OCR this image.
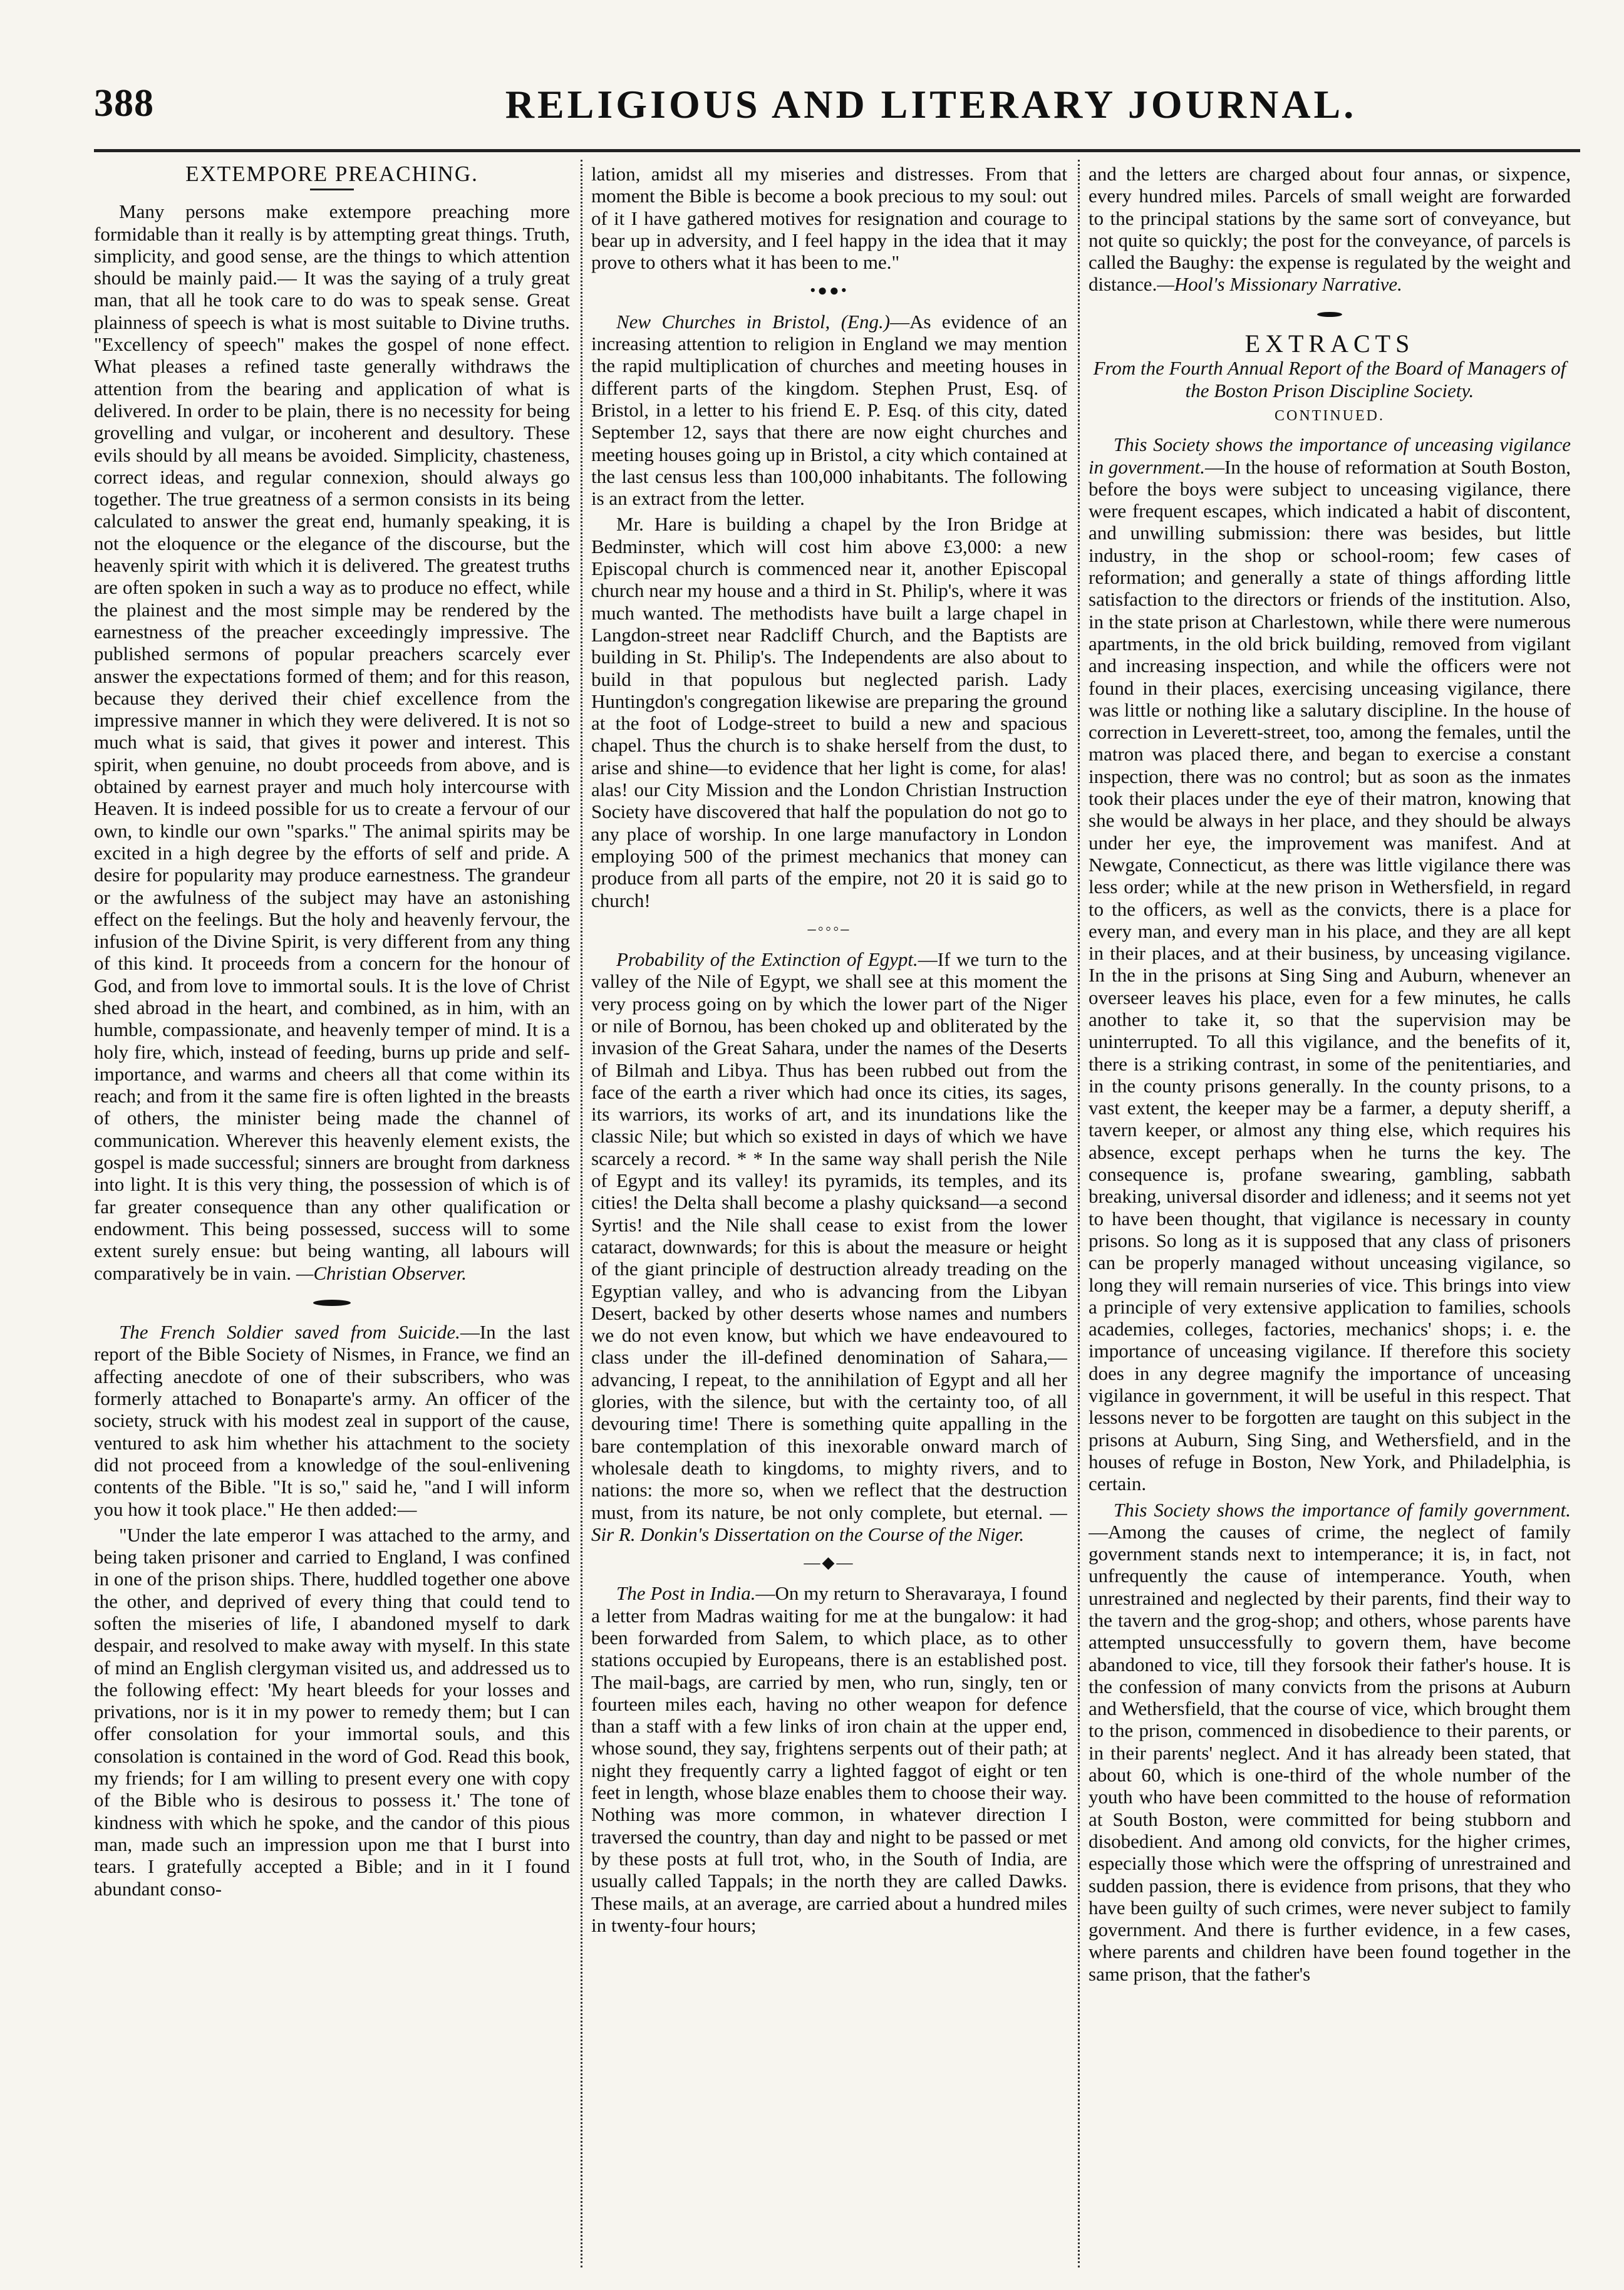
388	RELIGIOUS AND LITERARY JOURNAL.
EXTEMPORE PREACHING.

Many persons make extempore preaching more formidable than it really is by attempting great things. Truth, simplicity, and good sense, are the things to which attention should be mainly paid.— It was the saying of a truly great man, that all he took care to do was to speak sense. Great plainness of speech is what is most suitable to Divine truths. "Excellency of speech" makes the gospel of none effect. What pleases a refined taste generally withdraws the attention from the bearing and application of what is delivered. In order to be plain, there is no necessity for being grovelling and vulgar, or incoherent and desultory. These evils should by all means be avoided. Simplicity, chasteness, correct ideas, and regular connexion, should always go together. The true greatness of a sermon consists in its being calculated to answer the great end, humanly speaking, it is not the eloquence or the elegance of the discourse, but the heavenly spirit with which it is delivered. The greatest truths are often spoken in such a way as to produce no effect, while the plainest and the most simple may be rendered by the earnestness of the preacher exceedingly impressive. The published sermons of popular preachers scarcely ever answer the expectations formed of them; and for this reason, because they derived their chief excellence from the impressive manner in which they were delivered. It is not so much what is said, that gives it power and interest. This spirit, when genuine, no doubt proceeds from above, and is obtained by earnest prayer and much holy intercourse with Heaven. It is indeed possible for us to create a fervour of our own, to kindle our own "sparks." The animal spirits may be excited in a high degree by the efforts of self and pride. A desire for popularity may produce earnestness. The grandeur or the awfulness of the subject may have an astonishing effect on the feelings. But the holy and heavenly fervour, the infusion of the Divine Spirit, is very different from any thing of this kind. It proceeds from a concern for the honour of God, and from love to immortal souls. It is the love of Christ shed abroad in the heart, and combined, as in him, with an humble, compassionate, and heavenly temper of mind. It is a holy fire, which, instead of feeding, burns up pride and self-importance, and warms and cheers all that come within its reach; and from it the same fire is often lighted in the breasts of others, the minister being made the channel of communication. Wherever this heavenly element exists, the gospel is made successful; sinners are brought from darkness into light. It is this very thing, the possession of which is of far greater consequence than any other qualification or endowment. This being possessed, success will to some extent surely ensue: but being wanting, all labours will comparatively be in vain. —Christian Observer.

The French Soldier saved from Suicide.—In the last report of the Bible Society of Nismes, in France, we find an affecting anecdote of one of their subscribers, who was formerly attached to Bonaparte's army. An officer of the society, struck with his modest zeal in support of the cause, ventured to ask him whether his attachment to the society did not proceed from a knowledge of the soul-enlivening contents of the Bible. "It is so," said he, "and I will inform you how it took place." He then added:—

"Under the late emperor I was attached to the army, and being taken prisoner and carried to England, I was confined in one of the prison ships. There, huddled together one above the other, and deprived of every thing that could tend to soften the miseries of life, I abandoned myself to dark despair, and resolved to make away with myself. In this state of mind an English clergyman visited us, and addressed us to the following effect: 'My heart bleeds for your losses and privations, nor is it in my power to remedy them; but I can offer consolation for your immortal souls, and this consolation is contained in the word of God. Read this book, my friends; for I am willing to present every one with copy of the Bible who is desirous to possess it.' The tone of kindness with which he spoke, and the candor of this pious man, made such an impression upon me that I burst into tears. I gratefully accepted a Bible; and in it I found abundant conso-

lation, amidst all my miseries and distresses. From that moment the Bible is become a book precious to my soul: out of it I have gathered motives for resignation and courage to bear up in adversity, and I feel happy in the idea that it may prove to others what it has been to me."

•●●•

New Churches in Bristol, (Eng.)—As evidence of an increasing attention to religion in England we may mention the rapid multiplication of churches and meeting houses in different parts of the kingdom. Stephen Prust, Esq. of Bristol, in a letter to his friend E. P. Esq. of this city, dated September 12, says that there are now eight churches and meeting houses going up in Bristol, a city which contained at the last census less than 100,000 inhabitants. The following is an extract from the letter.

Mr. Hare is building a chapel by the Iron Bridge at Bedminster, which will cost him above £3,000: a new Episcopal church is commenced near it, another Episcopal church near my house and a third in St. Philip's, where it was much wanted. The methodists have built a large chapel in Langdon-street near Radcliff Church, and the Baptists are building in St. Philip's. The Independents are also about to build in that populous but neglected parish. Lady Huntingdon's congregation likewise are preparing the ground at the foot of Lodge-street to build a new and spacious chapel. Thus the church is to shake herself from the dust, to arise and shine—to evidence that her light is come, for alas! alas! our City Mission and the London Christian Instruction Society have discovered that half the population do not go to any place of worship. In one large manufactory in London employing 500 of the primest mechanics that money can produce from all parts of the empire, not 20 it is said go to church!

–◦◦◦–

Probability of the Extinction of Egypt.—If we turn to the valley of the Nile of Egypt, we shall see at this moment the very process going on by which the lower part of the Niger or nile of Bornou, has been choked up and obliterated by the invasion of the Great Sahara, under the names of the Deserts of Bilmah and Libya. Thus has been rubbed out from the face of the earth a river which had once its cities, its sages, its warriors, its works of art, and its inundations like the classic Nile; but which so existed in days of which we have scarcely a record. * * In the same way shall perish the Nile of Egypt and its valley! its pyramids, its temples, and its cities! the Delta shall become a plashy quicksand—a second Syrtis! and the Nile shall cease to exist from the lower cataract, downwards; for this is about the measure or height of the giant principle of destruction already treading on the Egyptian valley, and who is advancing from the Libyan Desert, backed by other deserts whose names and numbers we do not even know, but which we have endeavoured to class under the ill-defined denomination of Sahara,—advancing, I repeat, to the annihilation of Egypt and all her glories, with the silence, but with the certainty too, of all devouring time! There is something quite appalling in the bare contemplation of this inexorable onward march of wholesale death to kingdoms, to mighty rivers, and to nations: the more so, when we reflect that the destruction must, from its nature, be not only complete, but eternal. —Sir R. Donkin's Dissertation on the Course of the Niger.

—◆—

The Post in India.—On my return to Sheravaraya, I found a letter from Madras waiting for me at the bungalow: it had been forwarded from Salem, to which place, as to other stations occupied by Europeans, there is an established post. The mail-bags, are carried by men, who run, singly, ten or fourteen miles each, having no other weapon for defence than a staff with a few links of iron chain at the upper end, whose sound, they say, frightens serpents out of their path; at night they frequently carry a lighted faggot of eight or ten feet in length, whose blaze enables them to choose their way. Nothing was more common, in whatever direction I traversed the country, than day and night to be passed or met by these posts at full trot, who, in the South of India, are usually called Tappals; in the north they are called Dawks. These mails, at an average, are carried about a hundred miles in twenty-four hours;

and the letters are charged about four annas, or sixpence, every hundred miles. Parcels of small weight are forwarded to the principal stations by the same sort of conveyance, but not quite so quickly; the post for the conveyance, of parcels is called the Baughy: the expense is regulated by the weight and distance.—Hool's Missionary Narrative.

EXTRACTS
From the Fourth Annual Report of the Board of Managers of the Boston Prison Discipline Society.
CONTINUED.

This Society shows the importance of unceasing vigilance in government.—In the house of reformation at South Boston, before the boys were subject to unceasing vigilance, there were frequent escapes, which indicated a habit of discontent, and unwilling submission: there was besides, but little industry, in the shop or school-room; few cases of reformation; and generally a state of things affording little satisfaction to the directors or friends of the institution. Also, in the state prison at Charlestown, while there were numerous apartments, in the old brick building, removed from vigilant and increasing inspection, and while the officers were not found in their places, exercising unceasing vigilance, there was little or nothing like a salutary discipline. In the house of correction in Leverett-street, too, among the females, until the matron was placed there, and began to exercise a constant inspection, there was no control; but as soon as the inmates took their places under the eye of their matron, knowing that she would be always in her place, and they should be always under her eye, the improvement was manifest. And at Newgate, Connecticut, as there was little vigilance there was less order; while at the new prison in Wethersfield, in regard to the officers, as well as the convicts, there is a place for every man, and every man in his place, and they are all kept in their places, and at their business, by unceasing vigilance. In the in the prisons at Sing Sing and Auburn, whenever an overseer leaves his place, even for a few minutes, he calls another to take it, so that the supervision may be uninterrupted. To all this vigilance, and the benefits of it, there is a striking contrast, in some of the penitentiaries, and in the county prisons generally. In the county prisons, to a vast extent, the keeper may be a farmer, a deputy sheriff, a tavern keeper, or almost any thing else, which requires his absence, except perhaps when he turns the key. The consequence is, profane swearing, gambling, sabbath breaking, universal disorder and idleness; and it seems not yet to have been thought, that vigilance is necessary in county prisons. So long as it is supposed that any class of prisoners can be properly managed without unceasing vigilance, so long they will remain nurseries of vice. This brings into view a principle of very extensive application to families, schools academies, colleges, factories, mechanics' shops; i. e. the importance of unceasing vigilance. If therefore this society does in any degree magnify the importance of unceasing vigilance in government, it will be useful in this respect. That lessons never to be forgotten are taught on this subject in the prisons at Auburn, Sing Sing, and Wethersfield, and in the houses of refuge in Boston, New York, and Philadelphia, is certain.

This Society shows the importance of family government.—Among the causes of crime, the neglect of family government stands next to intemperance; it is, in fact, not unfrequently the cause of intemperance. Youth, when unrestrained and neglected by their parents, find their way to the tavern and the grog-shop; and others, whose parents have attempted unsuccessfully to govern them, have become abandoned to vice, till they forsook their father's house. It is the confession of many convicts from the prisons at Auburn and Wethersfield, that the course of vice, which brought them to the prison, commenced in disobedience to their parents, or in their parents' neglect. And it has already been stated, that about 60, which is one-third of the whole number of the youth who have been committed to the house of reformation at South Boston, were committed for being stubborn and disobedient. And among old convicts, for the higher crimes, especially those which were the offspring of unrestrained and sudden passion, there is evidence from prisons, that they who have been guilty of such crimes, were never subject to family government. And there is further evidence, in a few cases, where parents and children have been found together in the same prison, that the father's
